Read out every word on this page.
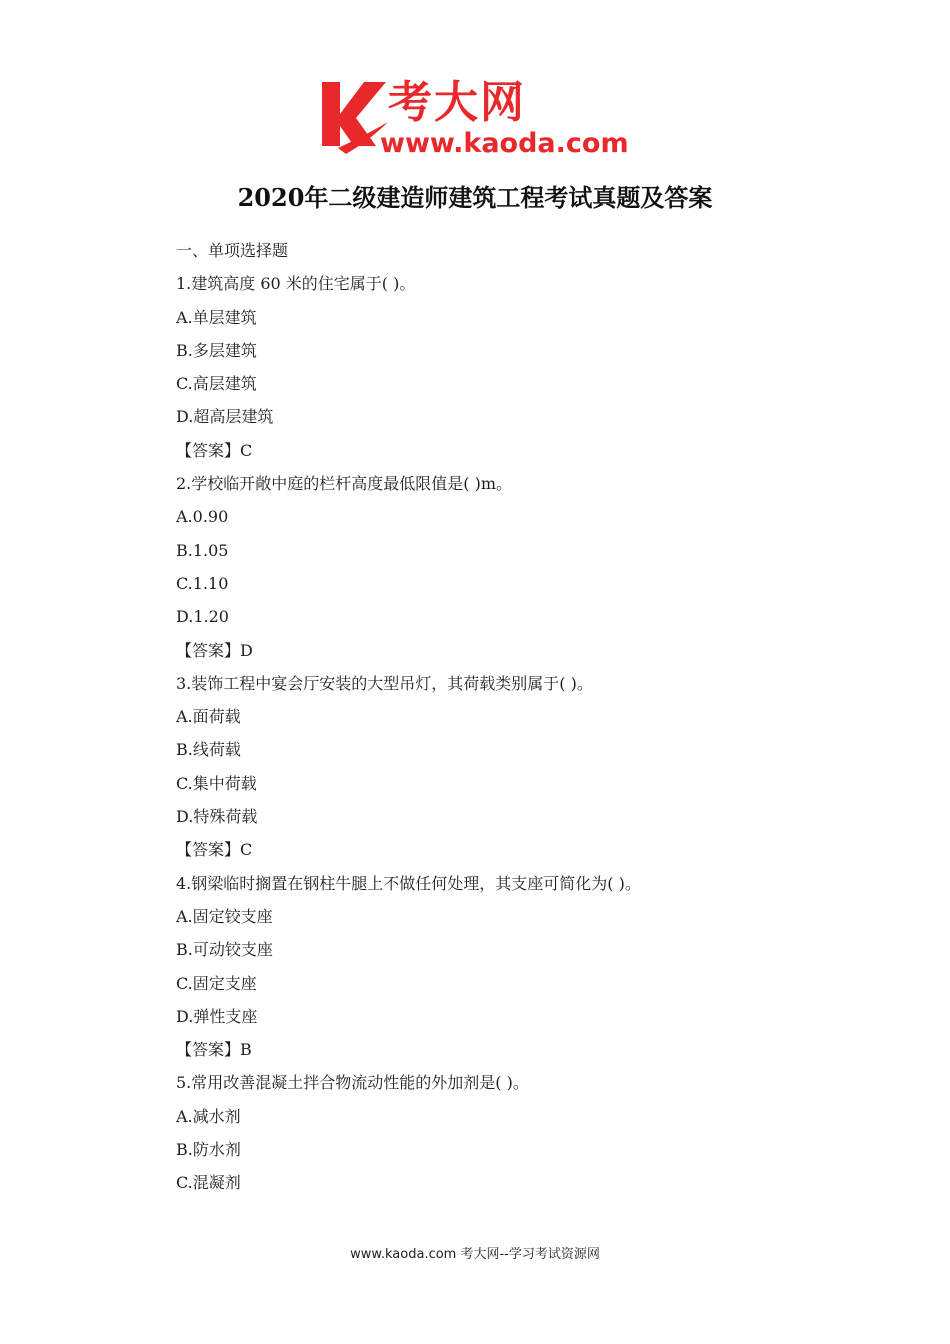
考大网
www.kaoda.com
2020年二级建造师建筑工程考试真题及答案
一、单项选择题
1.建筑高度 60 米的住宅属于( )。
A.单层建筑
B.多层建筑
C.高层建筑
D.超高层建筑
【答案】C
2.学校临开敞中庭的栏杆高度最低限值是( )m。
A.0.90
B.1.05
C.1.10
D.1.20
【答案】D
3.装饰工程中宴会厅安装的大型吊灯，其荷载类别属于( )。
A.面荷载
B.线荷载
C.集中荷载
D.特殊荷载
【答案】C
4.钢梁临时搁置在钢柱牛腿上不做任何处理，其支座可简化为( )。
A.固定铰支座
B.可动铰支座
C.固定支座
D.弹性支座
【答案】B
5.常用改善混凝土拌合物流动性能的外加剂是( )。
A.减水剂
B.防水剂
C.混凝剂
www.kaoda.com 考大网--学习考试资源网
